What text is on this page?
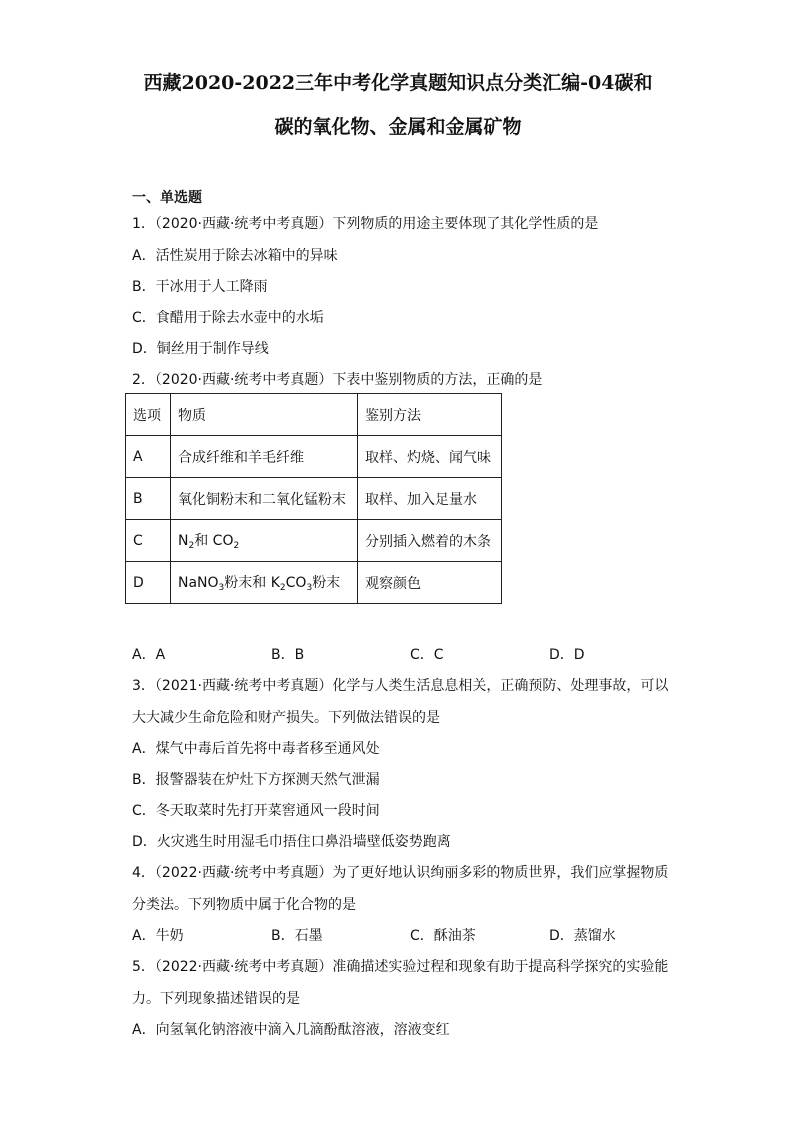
西藏2020-2022三年中考化学真题知识点分类汇编-04碳和
碳的氧化物、金属和金属矿物
一、单选题
1．（2020·西藏·统考中考真题）下列物质的用途主要体现了其化学性质的是
A．活性炭用于除去冰箱中的异味
B．干冰用于人工降雨
C．食醋用于除去水壶中的水垢
D．铜丝用于制作导线
2．（2020·西藏·统考中考真题）下表中鉴别物质的方法，正确的是
选项	物质	鉴别方法
A	合成纤维和羊毛纤维	取样、灼烧、闻气味
B	氧化铜粉末和二氧化锰粉末	取样、加入足量水
C	$N_2$和 $CO_2$	分别插入燃着的木条
D	NaNO$_3$粉末和 $K_2CO_3$粉末	观察颜色
A．A	B．B	C．C	D．D
3．（2021·西藏·统考中考真题）化学与人类生活息息相关，正确预防、处理事故，可以
大大减少生命危险和财产损失。下列做法错误的是
A．煤气中毒后首先将中毒者移至通风处
B．报警器装在炉灶下方探测天然气泄漏
C．冬天取菜时先打开菜窖通风一段时间
D．火灾逃生时用湿毛巾捂住口鼻沿墙壁低姿势跑离
4．（2022·西藏·统考中考真题）为了更好地认识绚丽多彩的物质世界，我们应掌握物质
分类法。下列物质中属于化合物的是
A．牛奶	B．石墨	C．酥油茶	D．蒸馏水
5．（2022·西藏·统考中考真题）准确描述实验过程和现象有助于提高科学探究的实验能
力。下列现象描述错误的是
A．向氢氧化钠溶液中滴入几滴酚酞溶液，溶液变红
